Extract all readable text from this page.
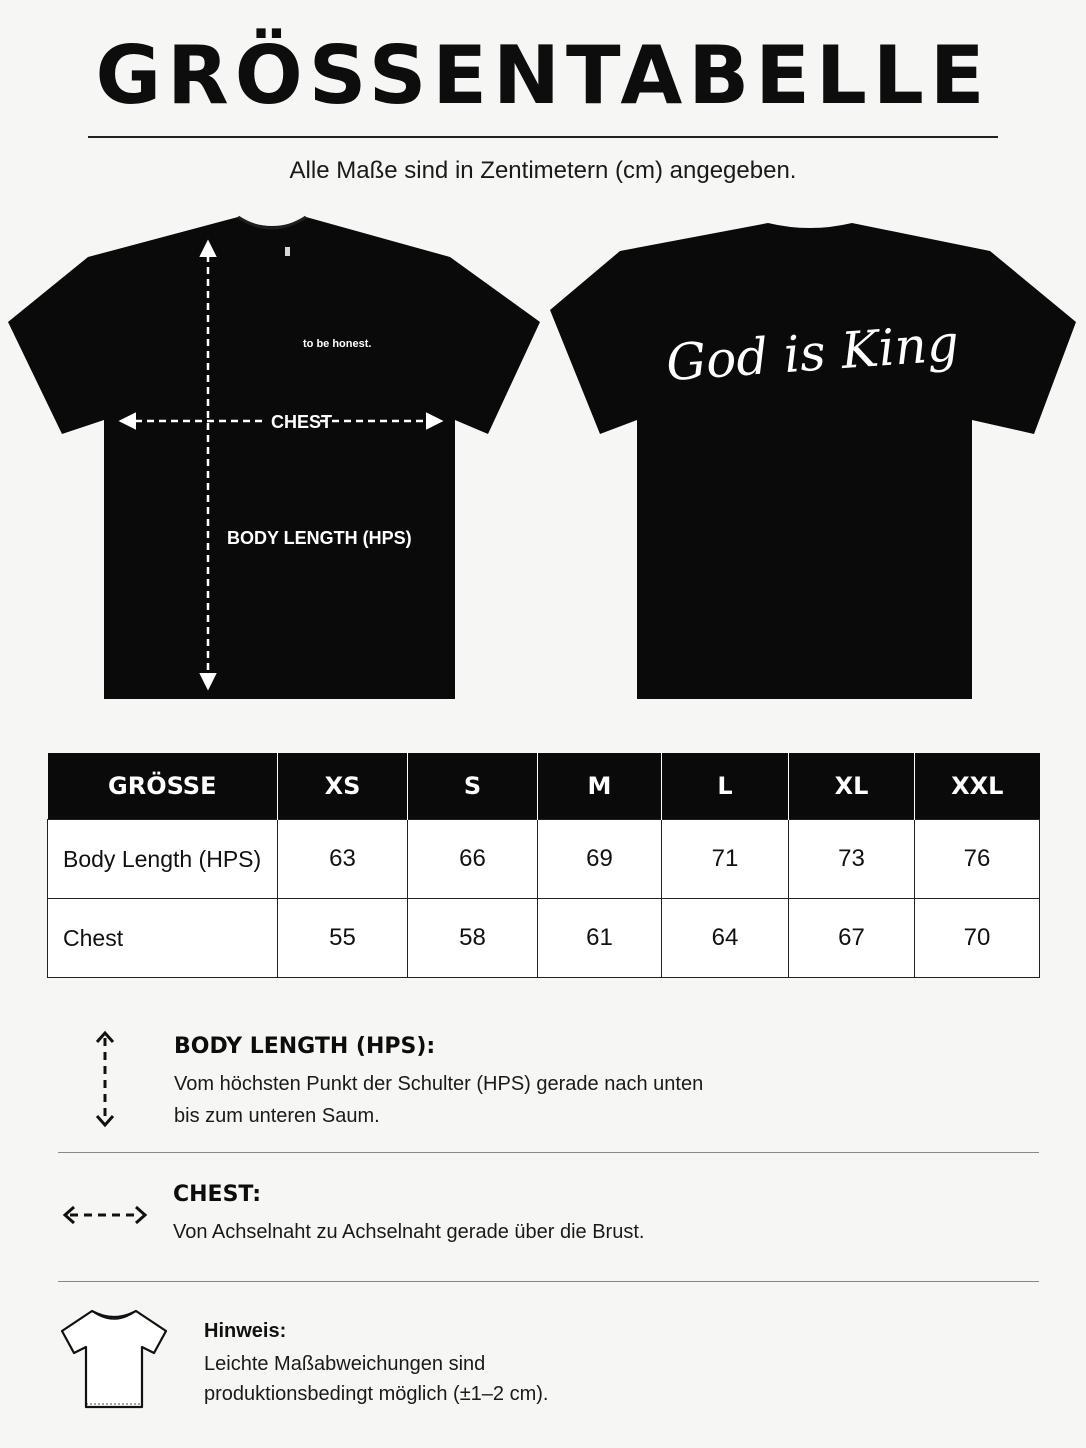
GRÖSSENTABELLE
Alle Maße sind in Zentimetern (cm) angegeben.
to be honest.
CHEST
BODY LENGTH (HPS)
God is King
GRÖSSE	XS	S	M	L	XL	XXL
Body Length (HPS)	63	66	69	71	73	76
Chest	55	58	61	64	67	70
BODY LENGTH (HPS):
Vom höchsten Punkt der Schulter (HPS) gerade nach unten
bis zum unteren Saum.
CHEST:
Von Achselnaht zu Achselnaht gerade über die Brust.
Hinweis:
Leichte Maßabweichungen sind
produktionsbedingt möglich (±1–2 cm).
